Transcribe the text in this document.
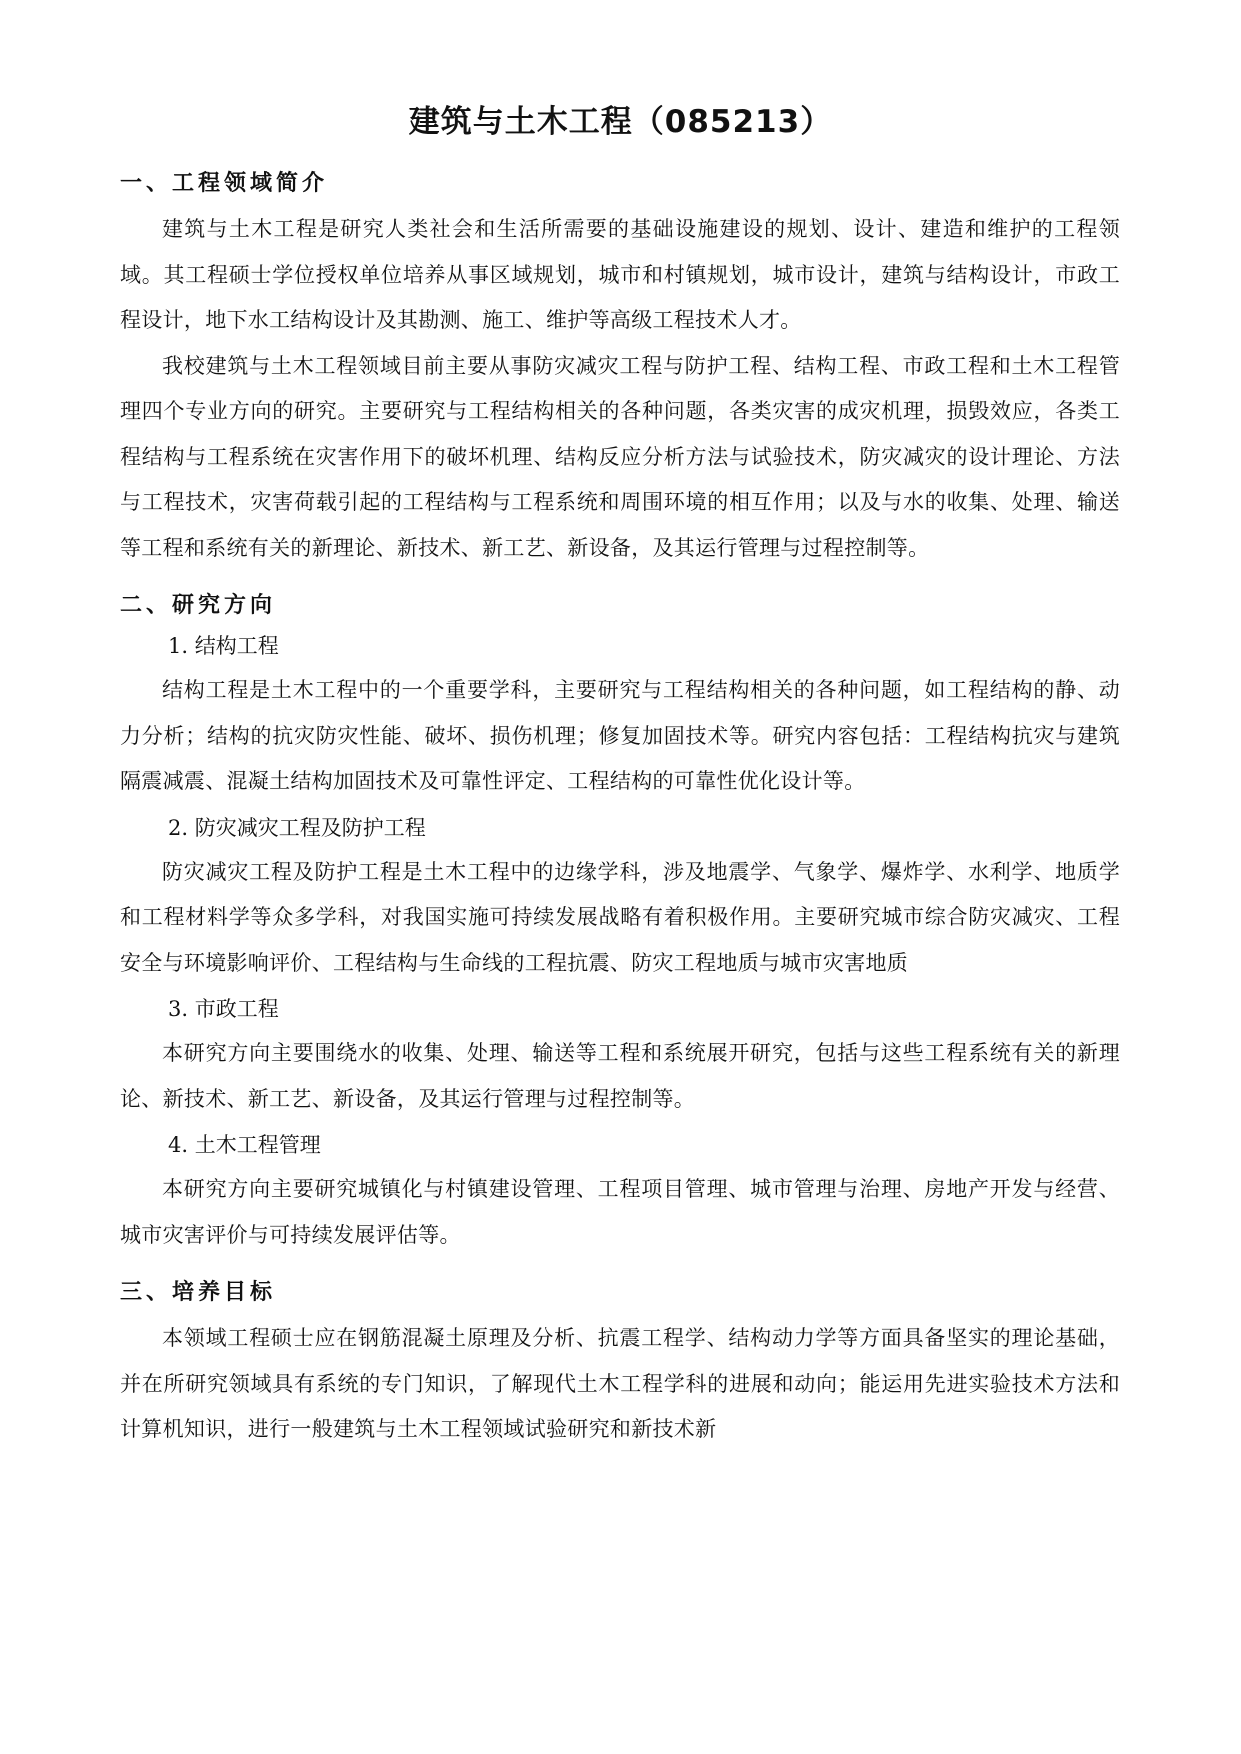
建筑与土木工程（085213）
一、工程领域简介

建筑与土木工程是研究人类社会和生活所需要的基础设施建设的规划、设计、建造和维护的工程领域。其工程硕士学位授权单位培养从事区域规划，城市和村镇规划，城市设计，建筑与结构设计，市政工程设计，地下水工结构设计及其勘测、施工、维护等高级工程技术人才。

我校建筑与土木工程领域目前主要从事防灾减灾工程与防护工程、结构工程、市政工程和土木工程管理四个专业方向的研究。主要研究与工程结构相关的各种问题，各类灾害的成灾机理，损毁效应，各类工程结构与工程系统在灾害作用下的破坏机理、结构反应分析方法与试验技术，防灾减灾的设计理论、方法与工程技术，灾害荷载引起的工程结构与工程系统和周围环境的相互作用；以及与水的收集、处理、输送等工程和系统有关的新理论、新技术、新工艺、新设备，及其运行管理与过程控制等。

二、研究方向

1. 结构工程

结构工程是土木工程中的一个重要学科，主要研究与工程结构相关的各种问题，如工程结构的静、动力分析；结构的抗灾防灾性能、破坏、损伤机理；修复加固技术等。研究内容包括：工程结构抗灾与建筑隔震减震、混凝土结构加固技术及可靠性评定、工程结构的可靠性优化设计等。

2. 防灾减灾工程及防护工程

防灾减灾工程及防护工程是土木工程中的边缘学科，涉及地震学、气象学、爆炸学、水利学、地质学和工程材料学等众多学科，对我国实施可持续发展战略有着积极作用。主要研究城市综合防灾减灾、工程安全与环境影响评价、工程结构与生命线的工程抗震、防灾工程地质与城市灾害地质

3. 市政工程

本研究方向主要围绕水的收集、处理、输送等工程和系统展开研究，包括与这些工程系统有关的新理论、新技术、新工艺、新设备，及其运行管理与过程控制等。

4. 土木工程管理

本研究方向主要研究城镇化与村镇建设管理、工程项目管理、城市管理与治理、房地产开发与经营、城市灾害评价与可持续发展评估等。

三、培养目标

本领域工程硕士应在钢筋混凝土原理及分析、抗震工程学、结构动力学等方面具备坚实的理论基础，并在所研究领域具有系统的专门知识，了解现代土木工程学科的进展和动向；能运用先进实验技术方法和计算机知识，进行一般建筑与土木工程领域试验研究和新技术新
